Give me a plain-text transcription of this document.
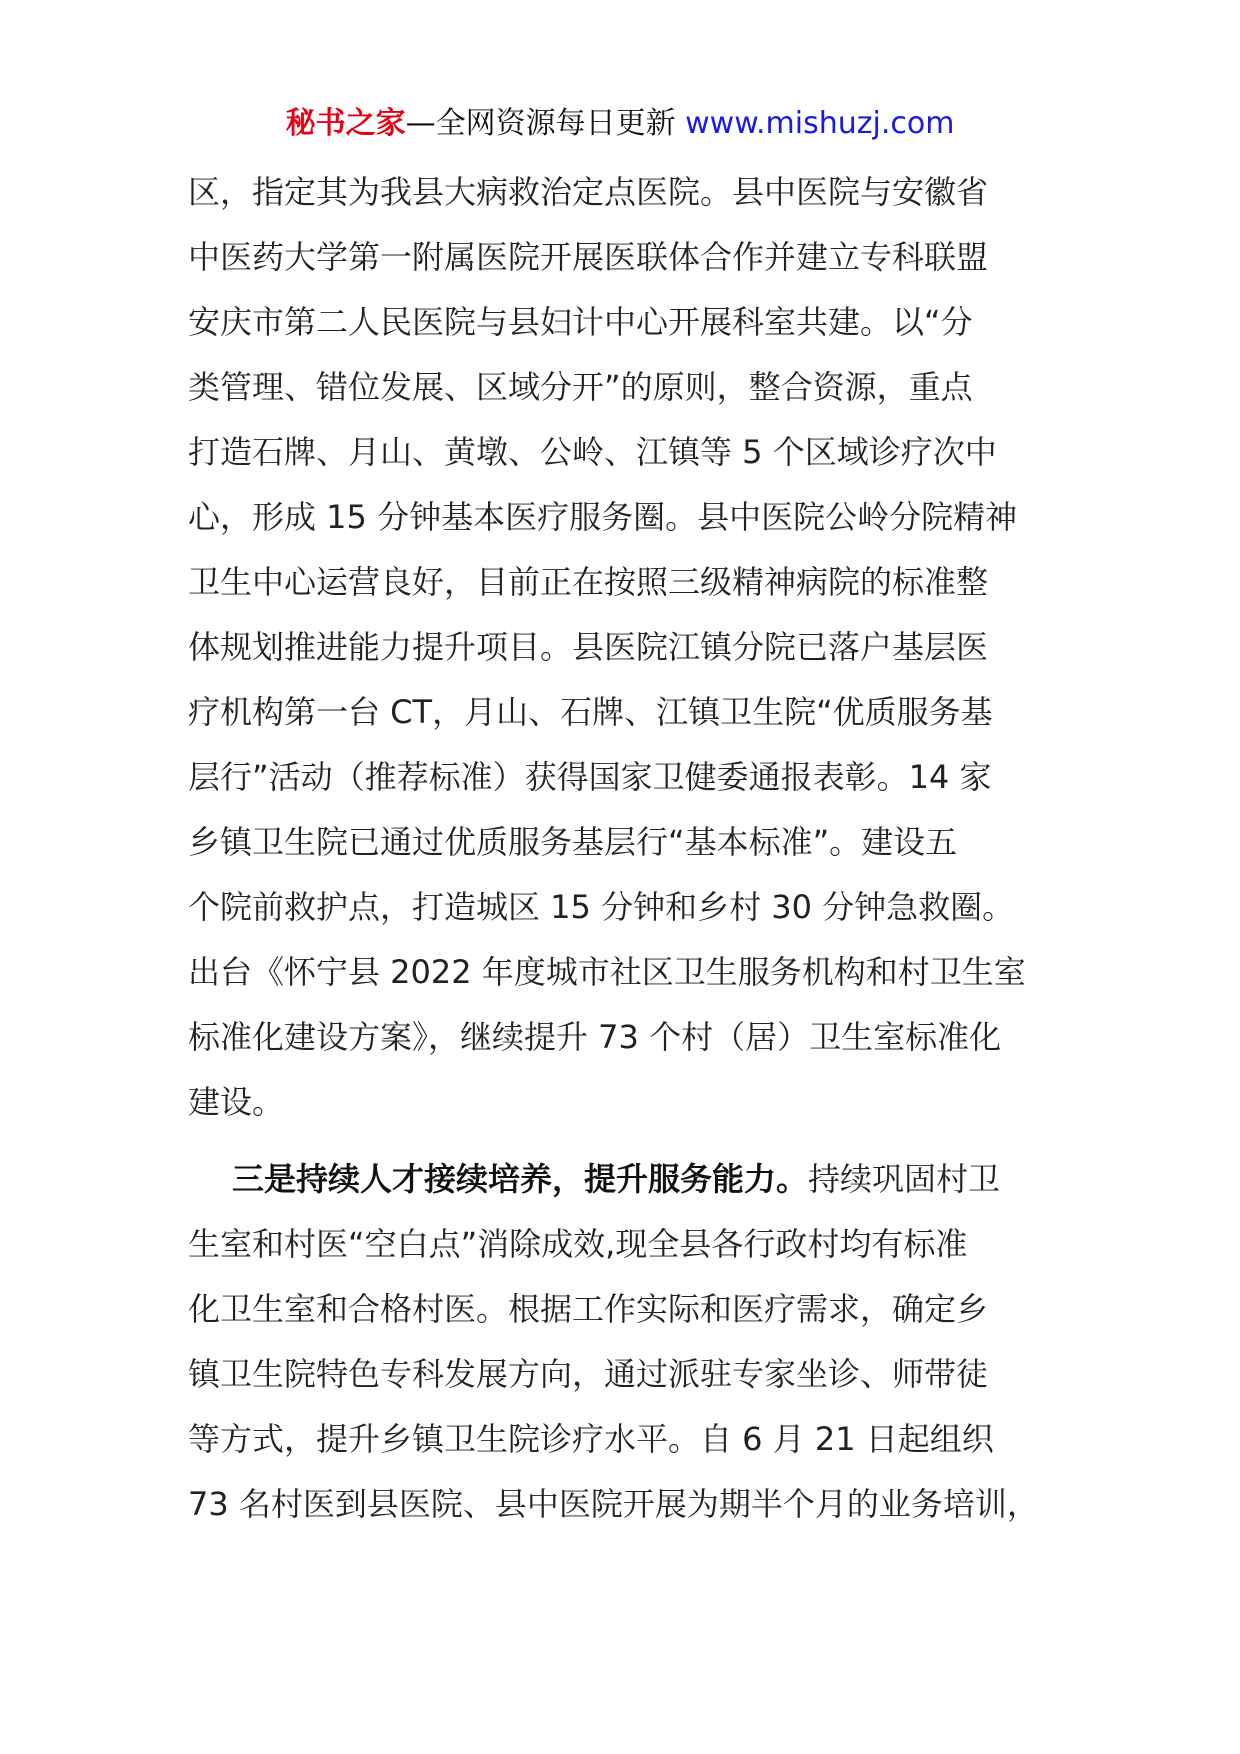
秘书之家—全网资源每日更新 www.mishuzj.com
区，指定其为我县大病救治定点医院。县中医院与安徽省
中医药大学第一附属医院开展医联体合作并建立专科联盟
安庆市第二人民医院与县妇计中心开展科室共建。以“分
类管理、错位发展、区域分开”的原则，整合资源，重点
打造石牌、月山、黄墩、公岭、江镇等 5 个区域诊疗次中
心，形成 15 分钟基本医疗服务圈。县中医院公岭分院精神
卫生中心运营良好，目前正在按照三级精神病院的标准整
体规划推进能力提升项目。县医院江镇分院已落户基层医
疗机构第一台 CT，月山、石牌、江镇卫生院“优质服务基
层行”活动（推荐标准）获得国家卫健委通报表彰。14 家
乡镇卫生院已通过优质服务基层行“基本标准”。建设五
个院前救护点，打造城区 15 分钟和乡村 30 分钟急救圈。
出台《怀宁县 2022 年度城市社区卫生服务机构和村卫生室
标准化建设方案》，继续提升 73 个村（居）卫生室标准化
建设。
三是持续人才接续培养，提升服务能力。持续巩固村卫
生室和村医“空白点”消除成效,现全县各行政村均有标准
化卫生室和合格村医。根据工作实际和医疗需求，确定乡
镇卫生院特色专科发展方向，通过派驻专家坐诊、师带徒
等方式，提升乡镇卫生院诊疗水平。自 6 月 21 日起组织
73 名村医到县医院、县中医院开展为期半个月的业务培训，
